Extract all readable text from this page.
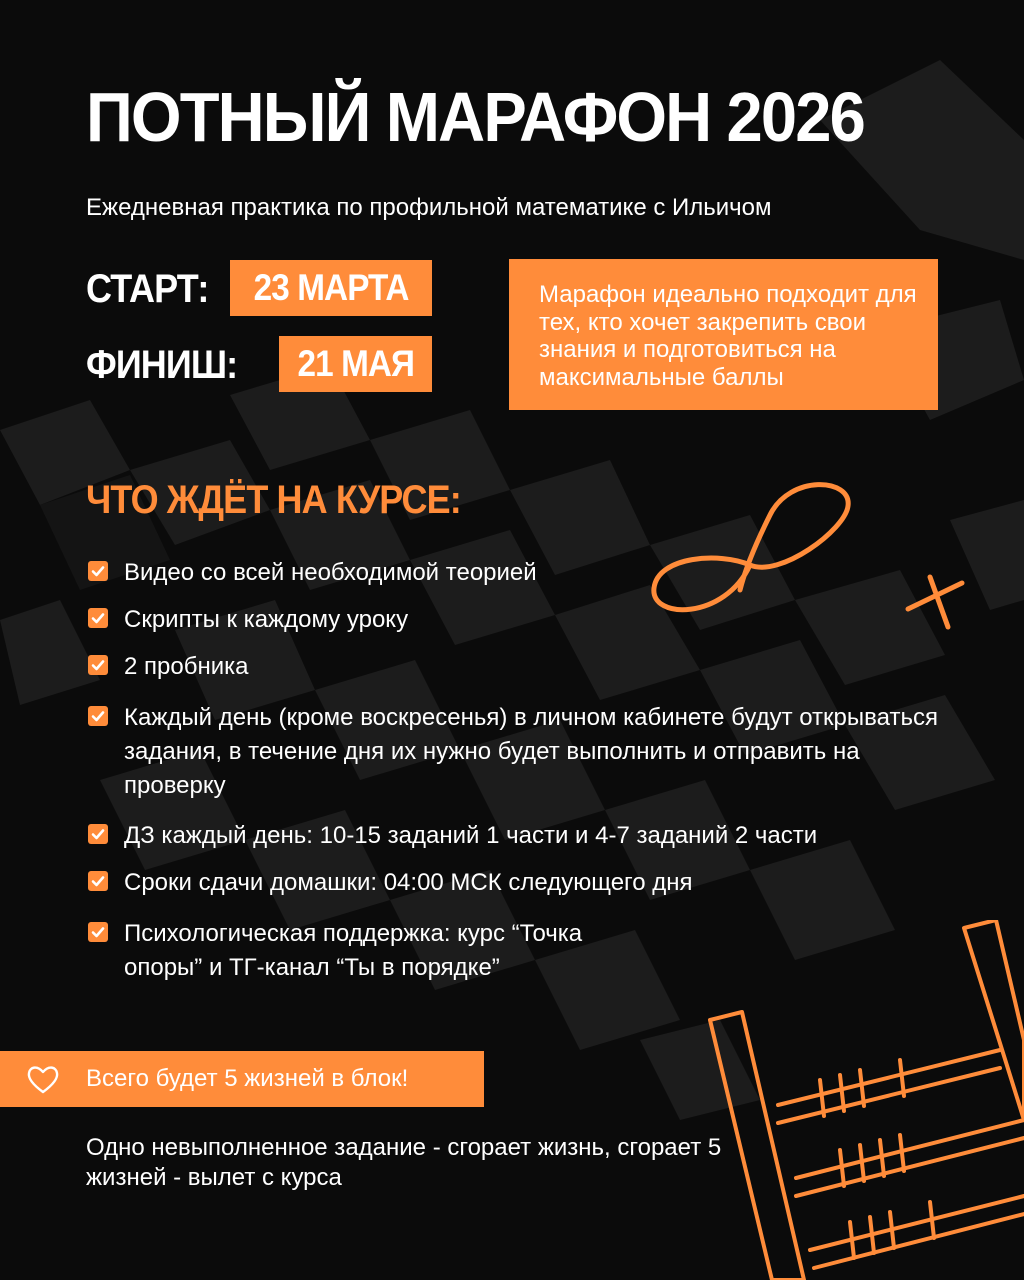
ПОТНЫЙ МАРАФОН 2026

Ежедневная практика по профильной математике с Ильичом

СТАРТ: 23 МАРТА
ФИНИШ: 21 МАЯ
Марафон идеально подходит для тех, кто хочет закрепить свои знания и подготовиться на максимальные баллы
ЧТО ЖДЁТ НА КУРСЕ:
Видео со всей необходимой теорией
Скрипты к каждому уроку
2 пробника
Каждый день (кроме воскресенья) в личном кабинете будут открываться задания, в течение дня их нужно будет выполнить и отправить на проверку
ДЗ каждый день: 10-15 заданий 1 части и 4-7 заданий 2 части
Сроки сдачи домашки: 04:00 МСК следующего дня
Психологическая поддержка: курс “Точка опоры” и ТГ-канал “Ты в порядке”
Всего будет 5 жизней в блок!

Одно невыполненное задание - сгорает жизнь, сгорает 5 жизней - вылет с курса
